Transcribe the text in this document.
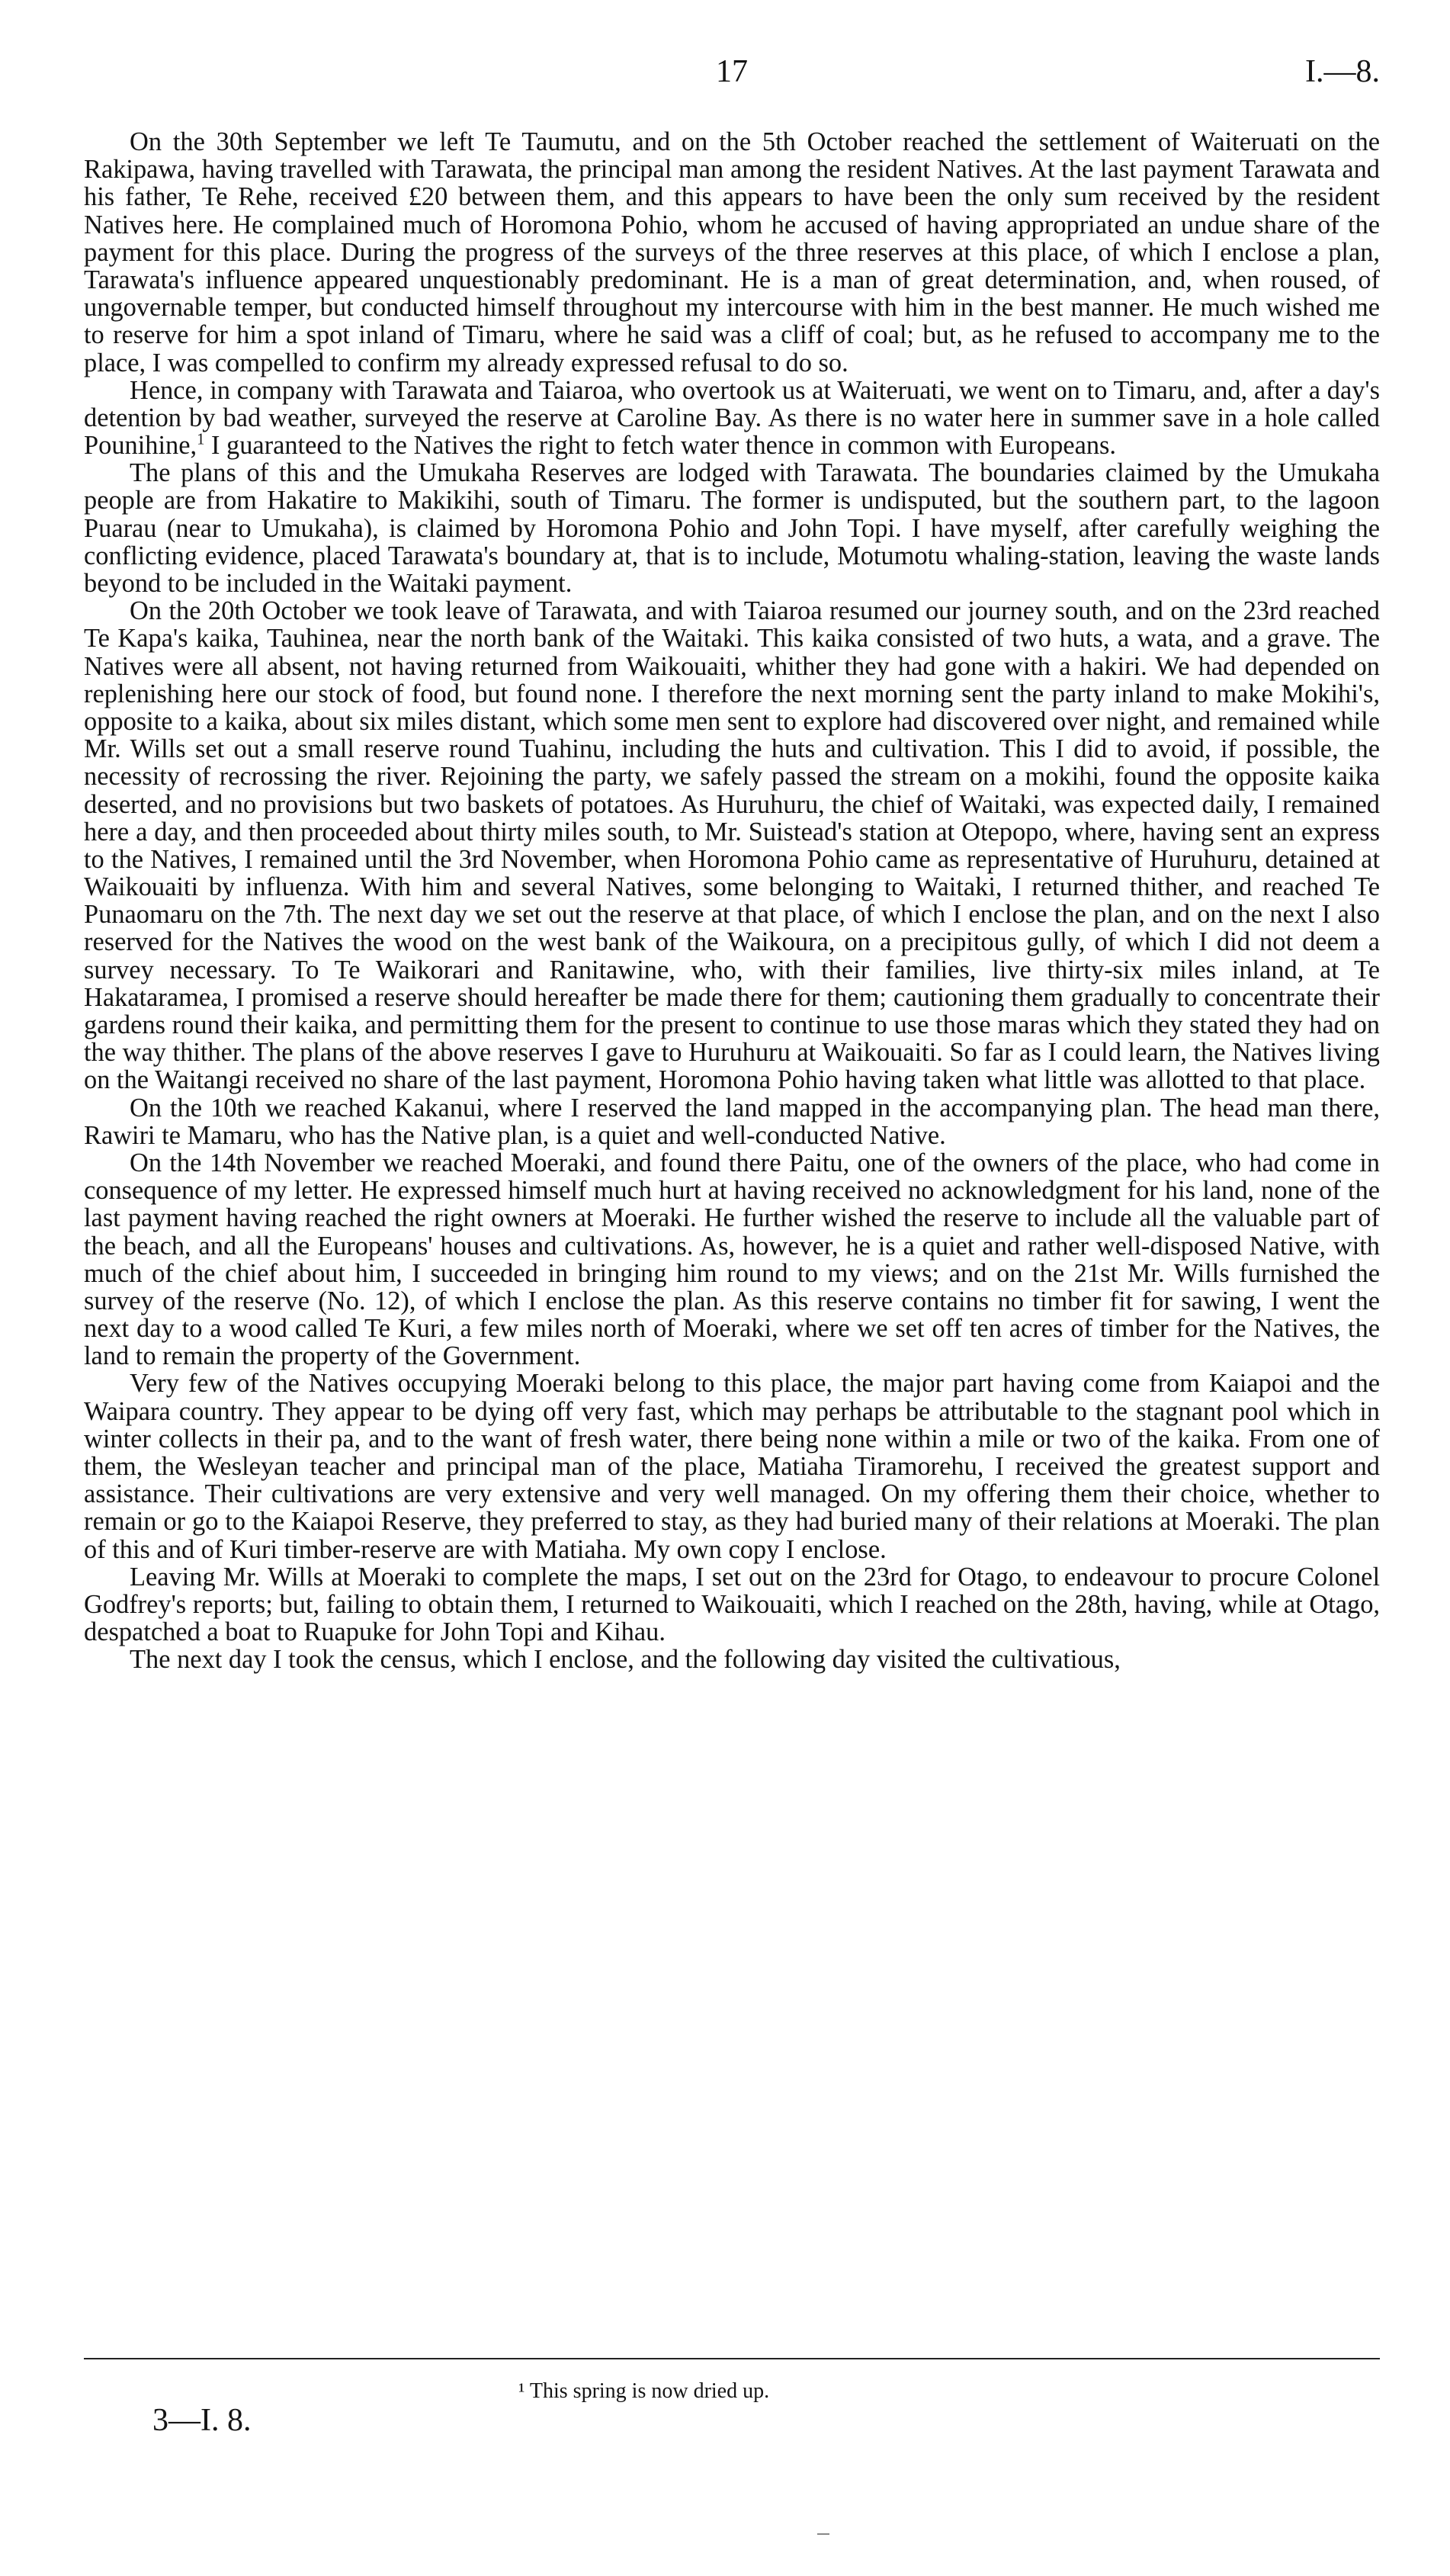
17	I.—8.

On the 30th September we left Te Taumutu, and on the 5th October reached the settlement of Waiteruati on the Rakipawa, having travelled with Tarawata, the principal man among the resident Natives. At the last payment Tarawata and his father, Te Rehe, received £20 between them, and this appears to have been the only sum received by the resident Natives here. He complained much of Horomona Pohio, whom he accused of having appropriated an undue share of the payment for this place. During the progress of the surveys of the three reserves at this place, of which I enclose a plan, Tarawata's influence appeared unquestionably predominant. He is a man of great determination, and, when roused, of ungovernable temper, but conducted himself throughout my intercourse with him in the best manner. He much wished me to reserve for him a spot inland of Timaru, where he said was a cliff of coal; but, as he refused to accompany me to the place, I was compelled to confirm my already expressed refusal to do so.

Hence, in company with Tarawata and Taiaroa, who overtook us at Waiteruati, we went on to Timaru, and, after a day's detention by bad weather, surveyed the reserve at Caroline Bay. As there is no water here in summer save in a hole called Pounihine,$^1$ I guaranteed to the Natives the right to fetch water thence in common with Europeans.

The plans of this and the Umukaha Reserves are lodged with Tarawata. The boundaries claimed by the Umukaha people are from Hakatire to Makikihi, south of Timaru. The former is undisputed, but the southern part, to the lagoon Puarau (near to Umukaha), is claimed by Horomona Pohio and John Topi. I have myself, after carefully weighing the conflicting evidence, placed Tarawata's boundary at, that is to include, Motumotu whaling-station, leaving the waste lands beyond to be included in the Waitaki payment.

On the 20th October we took leave of Tarawata, and with Taiaroa resumed our journey south, and on the 23rd reached Te Kapa's kaika, Tauhinea, near the north bank of the Waitaki. This kaika consisted of two huts, a wata, and a grave. The Natives were all absent, not having returned from Waikouaiti, whither they had gone with a hakiri. We had depended on replenishing here our stock of food, but found none. I therefore the next morning sent the party inland to make Mokihi's, opposite to a kaika, about six miles distant, which some men sent to explore had discovered over night, and remained while Mr. Wills set out a small reserve round Tuahinu, including the huts and cultivation. This I did to avoid, if possible, the necessity of recrossing the river. Rejoining the party, we safely passed the stream on a mokihi, found the opposite kaika deserted, and no provisions but two baskets of potatoes. As Huruhuru, the chief of Waitaki, was expected daily, I remained here a day, and then proceeded about thirty miles south, to Mr. Suistead's station at Otepopo, where, having sent an express to the Natives, I remained until the 3rd November, when Horomona Pohio came as representative of Huruhuru, detained at Waikouaiti by influenza. With him and several Natives, some belonging to Waitaki, I returned thither, and reached Te Punaomaru on the 7th. The next day we set out the reserve at that place, of which I enclose the plan, and on the next I also reserved for the Natives the wood on the west bank of the Waikoura, on a precipitous gully, of which I did not deem a survey necessary. To Te Waikorari and Ranitawine, who, with their families, live thirty-six miles inland, at Te Hakataramea, I promised a reserve should hereafter be made there for them; cautioning them gradually to concentrate their gardens round their kaika, and permitting them for the present to continue to use those maras which they stated they had on the way thither. The plans of the above reserves I gave to Huruhuru at Waikouaiti. So far as I could learn, the Natives living on the Waitangi received no share of the last payment, Horomona Pohio having taken what little was allotted to that place.

On the 10th we reached Kakanui, where I reserved the land mapped in the accompanying plan. The head man there, Rawiri te Mamaru, who has the Native plan, is a quiet and well-conducted Native.

On the 14th November we reached Moeraki, and found there Paitu, one of the owners of the place, who had come in consequence of my letter. He expressed himself much hurt at having received no acknowledgment for his land, none of the last payment having reached the right owners at Moeraki. He further wished the reserve to include all the valuable part of the beach, and all the Europeans' houses and cultivations. As, however, he is a quiet and rather well-disposed Native, with much of the chief about him, I succeeded in bringing him round to my views; and on the 21st Mr. Wills furnished the survey of the reserve (No. 12), of which I enclose the plan. As this reserve contains no timber fit for sawing, I went the next day to a wood called Te Kuri, a few miles north of Moeraki, where we set off ten acres of timber for the Natives, the land to remain the property of the Government.

Very few of the Natives occupying Moeraki belong to this place, the major part having come from Kaiapoi and the Waipara country. They appear to be dying off very fast, which may perhaps be attributable to the stagnant pool which in winter collects in their pa, and to the want of fresh water, there being none within a mile or two of the kaika. From one of them, the Wesleyan teacher and principal man of the place, Matiaha Tiramorehu, I received the greatest support and assistance. Their cultivations are very extensive and very well managed. On my offering them their choice, whether to remain or go to the Kaiapoi Reserve, they preferred to stay, as they had buried many of their relations at Moeraki. The plan of this and of Kuri timber-reserve are with Matiaha. My own copy I enclose.

Leaving Mr. Wills at Moeraki to complete the maps, I set out on the 23rd for Otago, to endeavour to procure Colonel Godfrey's reports; but, failing to obtain them, I returned to Waikouaiti, which I reached on the 28th, having, while at Otago, despatched a boat to Ruapuke for John Topi and Kihau.

The next day I took the census, which I enclose, and the following day visited the cultivatious,

¹ This spring is now dried up.
3—I. 8.
